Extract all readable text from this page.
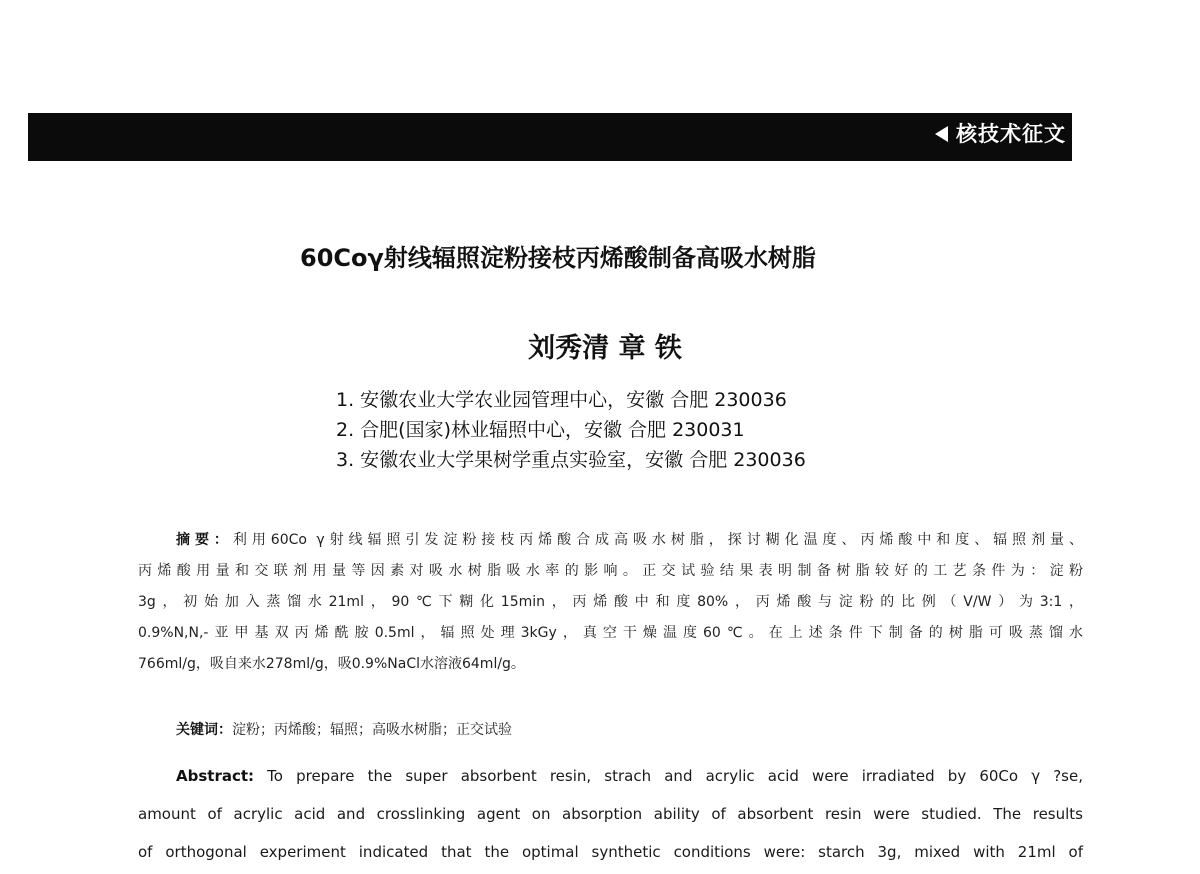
核技术征文
60Coγ射线辐照淀粉接枝丙烯酸制备高吸水树脂
刘秀清 章 铁
1. 安徽农业大学农业园管理中心，安徽 合肥 230036
2. 合肥(国家)林业辐照中心，安徽 合肥 230031
3. 安徽农业大学果树学重点实验室，安徽 合肥 230036
摘要：利用60Co γ射线辐照引发淀粉接枝丙烯酸合成高吸水树脂，探讨糊化温度、丙烯酸中和度、辐照剂量、
丙烯酸用量和交联剂用量等因素对吸水树脂吸水率的影响。正交试验结果表明制备树脂较好的工艺条件为：淀粉
3g，初始加入蒸馏水21ml，90℃下糊化15min，丙烯酸中和度80%，丙烯酸与淀粉的比例（V/W）为3:1，
0.9%N,N,-亚甲基双丙烯酰胺0.5ml，辐照处理3kGy，真空干燥温度60℃。在上述条件下制备的树脂可吸蒸馏水
766ml/g，吸自来水278ml/g，吸0.9%NaCl水溶液64ml/g。
关键词：淀粉；丙烯酸；辐照；高吸水树脂；正交试验
Abstract: To prepare the super absorbent resin, strach and acrylic acid were irradiated by 60Co γ ?se,
amount of acrylic acid and crosslinking agent on absorption ability of absorbent resin were studied. The results
of orthogonal experiment indicated that the optimal synthetic conditions were: starch 3g, mixed with 21ml of
